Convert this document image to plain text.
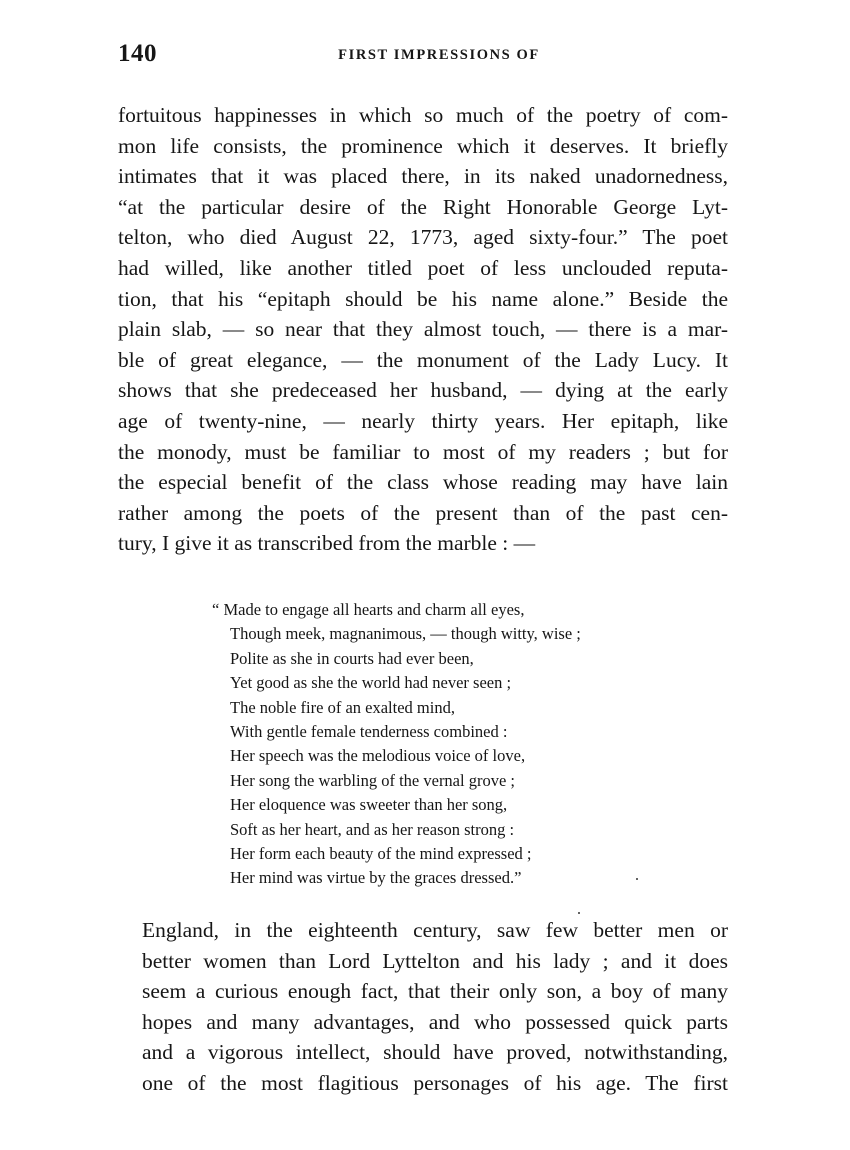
140	FIRST IMPRESSIONS OF
fortuitous happinesses in which so much of the poetry of com-
mon life consists, the prominence which it deserves. It briefly
intimates that it was placed there, in its naked unadornedness,
“at the particular desire of the Right Honorable George Lyt-
telton, who died August 22, 1773, aged sixty-four.” The poet
had willed, like another titled poet of less unclouded reputa-
tion, that his “epitaph should be his name alone.” Beside the
plain slab, — so near that they almost touch, — there is a mar-
ble of great elegance, — the monument of the Lady Lucy. It
shows that she predeceased her husband, — dying at the early
age of twenty-nine, — nearly thirty years. Her epitaph, like
the monody, must be familiar to most of my readers ; but for
the especial benefit of the class whose reading may have lain
rather among the poets of the present than of the past cen-
tury, I give it as transcribed from the marble : —
“ Made to engage all hearts and charm all eyes,
Though meek, magnanimous, — though witty, wise ;
Polite as she in courts had ever been,
Yet good as she the world had never seen ;
The noble fire of an exalted mind,
With gentle female tenderness combined :
Her speech was the melodious voice of love,
Her song the warbling of the vernal grove ;
Her eloquence was sweeter than her song,
Soft as her heart, and as her reason strong :
Her form each beauty of the mind expressed ;
Her mind was virtue by the graces dressed.”
England, in the eighteenth century, saw few better men or
better women than Lord Lyttelton and his lady ; and it does
seem a curious enough fact, that their only son, a boy of many
hopes and many advantages, and who possessed quick parts
and a vigorous intellect, should have proved, notwithstanding,
one of the most flagitious personages of his age. The first
